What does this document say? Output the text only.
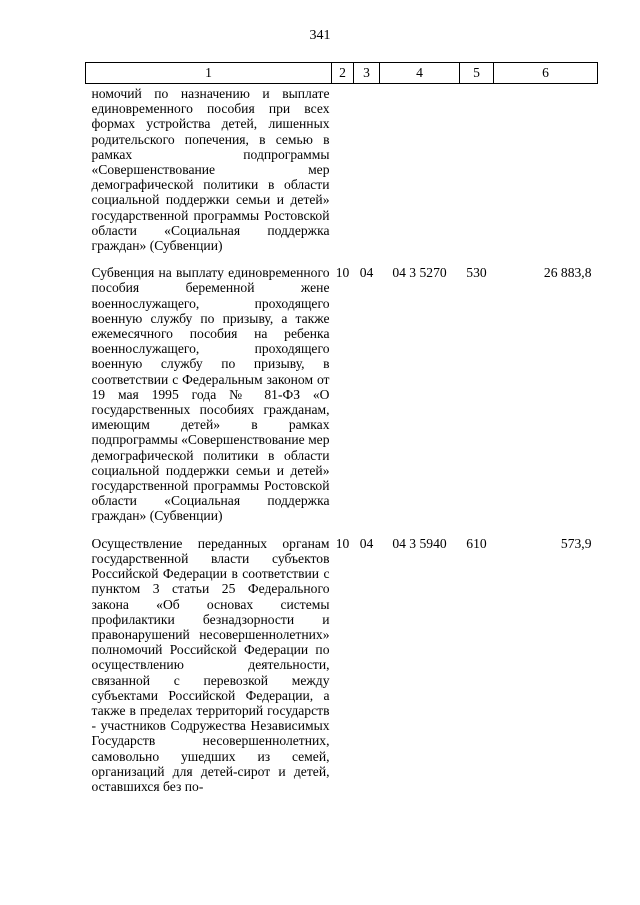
341
1	2	3	4	5	6
номочий по назначению и выплате единовременного пособия при всех формах устройства детей, лишенных родительского попечения, в семью в рамках подпрограммы «Совершенствование мер демографической политики в области социальной поддержки семьи и детей» государственной программы Ростовской области «Социальная поддержка граждан» (Субвенции)					
Субвенция на выплату единовременного пособия беременной жене военнослужащего, проходящего военную службу по призыву, а также ежемесячного пособия на ребенка военнослужащего, проходящего военную службу по призыву, в соответствии с Федеральным законом от 19 мая 1995 года № 81-ФЗ «О государственных пособиях гражданам, имеющим детей» в рамках подпрограммы «Совершенствование мер демографической политики в области социальной поддержки семьи и детей» государственной программы Ростовской области «Социальная поддержка граждан» (Субвенции)	10	04	04 3 5270	530	26 883,8
Осуществление переданных органам государственной власти субъектов Российской Федерации в соответствии с пунктом 3 статьи 25 Федерального закона «Об основах системы профилактики безнадзорности и правонарушений несовершеннолетних» полномочий Российской Федерации по осуществлению деятельности, связанной с перевозкой между субъектами Российской Федерации, а также в пределах территорий государств - участников Содружества Независимых Государств несовершеннолетних, самовольно ушедших из семей, организаций для детей-сирот и детей, оставшихся без по-	10	04	04 3 5940	610	573,9
